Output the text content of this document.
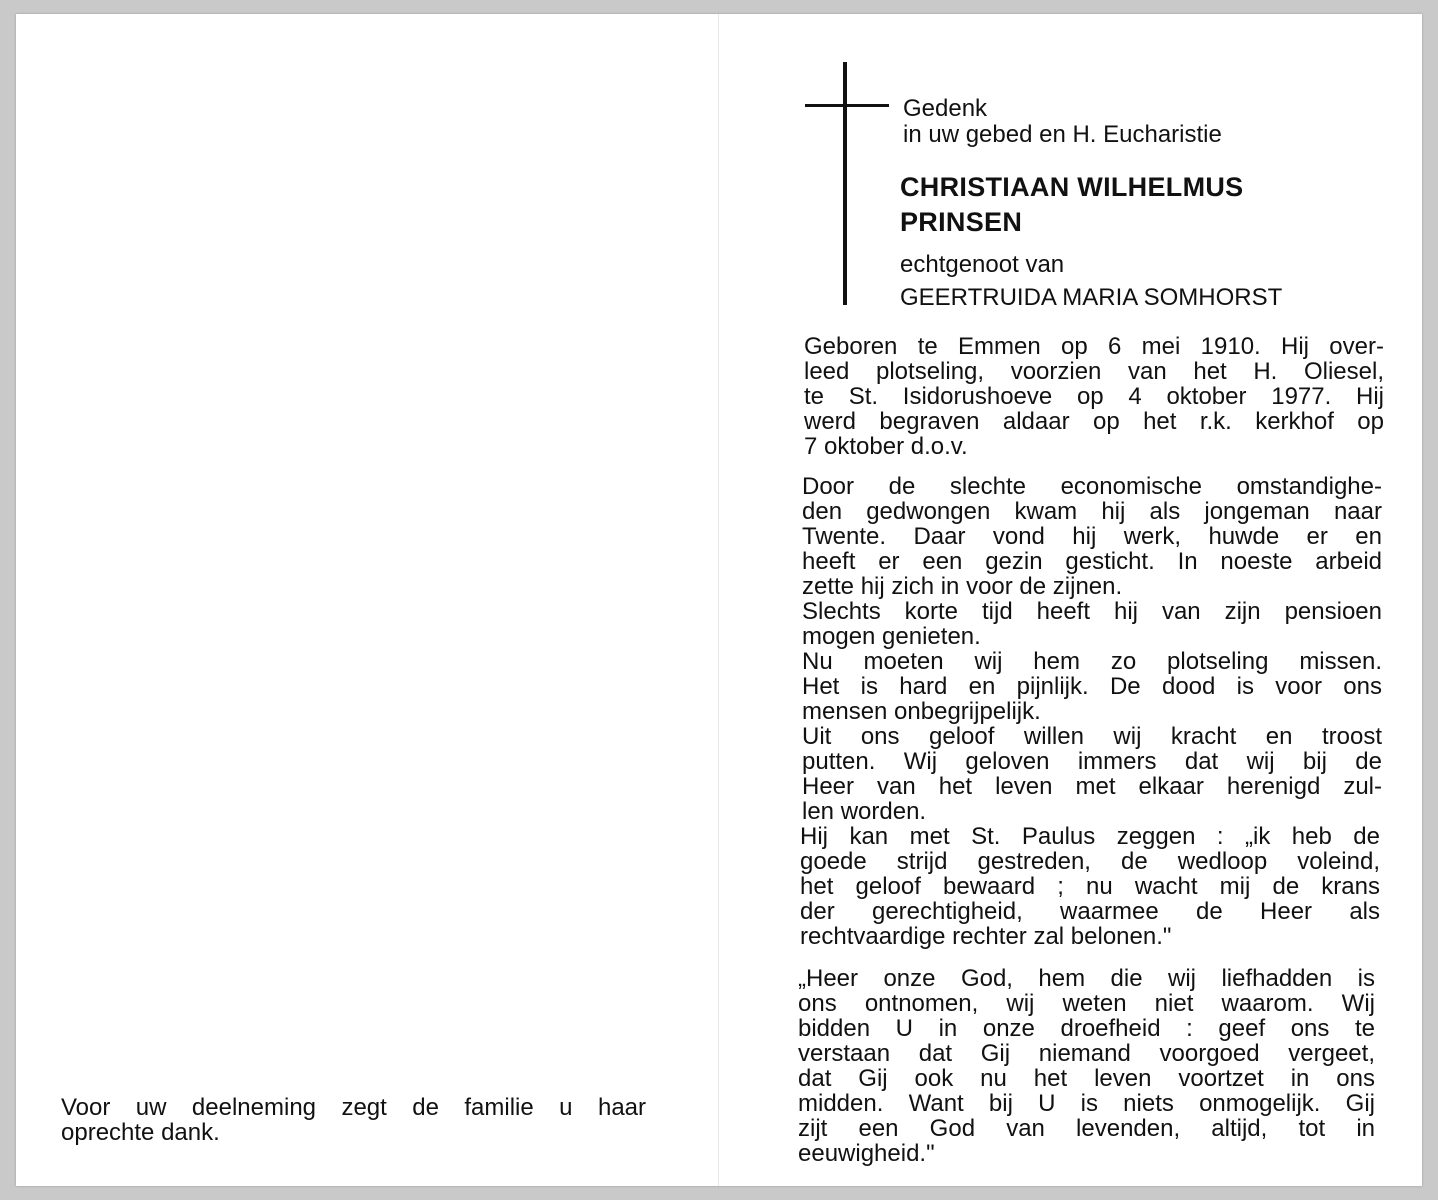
Gedenk

in uw gebed en H. Eucharistie

CHRISTIAAN WILHELMUS

PRINSEN

echtgenoot van

GEERTRUIDA MARIA SOMHORST

Geboren te Emmen op 6 mei 1910. Hij over-

leed plotseling, voorzien van het H. Oliesel,

te St. Isidorushoeve op 4 oktober 1977. Hij

werd begraven aldaar op het r.k. kerkhof op

7 oktober d.o.v.

Door de slechte economische omstandighe-

den gedwongen kwam hij als jongeman naar

Twente. Daar vond hij werk, huwde er en

heeft er een gezin gesticht. In noeste arbeid

zette hij zich in voor de zijnen.

Slechts korte tijd heeft hij van zijn pensioen

mogen genieten.

Nu moeten wij hem zo plotseling missen.

Het is hard en pijnlijk. De dood is voor ons

mensen onbegrijpelijk.

Uit ons geloof willen wij kracht en troost

putten. Wij geloven immers dat wij bij de

Heer van het leven met elkaar herenigd zul-

len worden.

Hij kan met St. Paulus zeggen : „ik heb de

goede strijd gestreden, de wedloop voleind,

het geloof bewaard ; nu wacht mij de krans

der gerechtigheid, waarmee de Heer als

rechtvaardige rechter zal belonen."

„Heer onze God, hem die wij liefhadden is

ons ontnomen, wij weten niet waarom. Wij

bidden U in onze droefheid : geef ons te

verstaan dat Gij niemand voorgoed vergeet,

dat Gij ook nu het leven voortzet in ons

midden. Want bij U is niets onmogelijk. Gij

zijt een God van levenden, altijd, tot in

eeuwigheid."

Voor uw deelneming zegt de familie u haar
oprechte dank.
